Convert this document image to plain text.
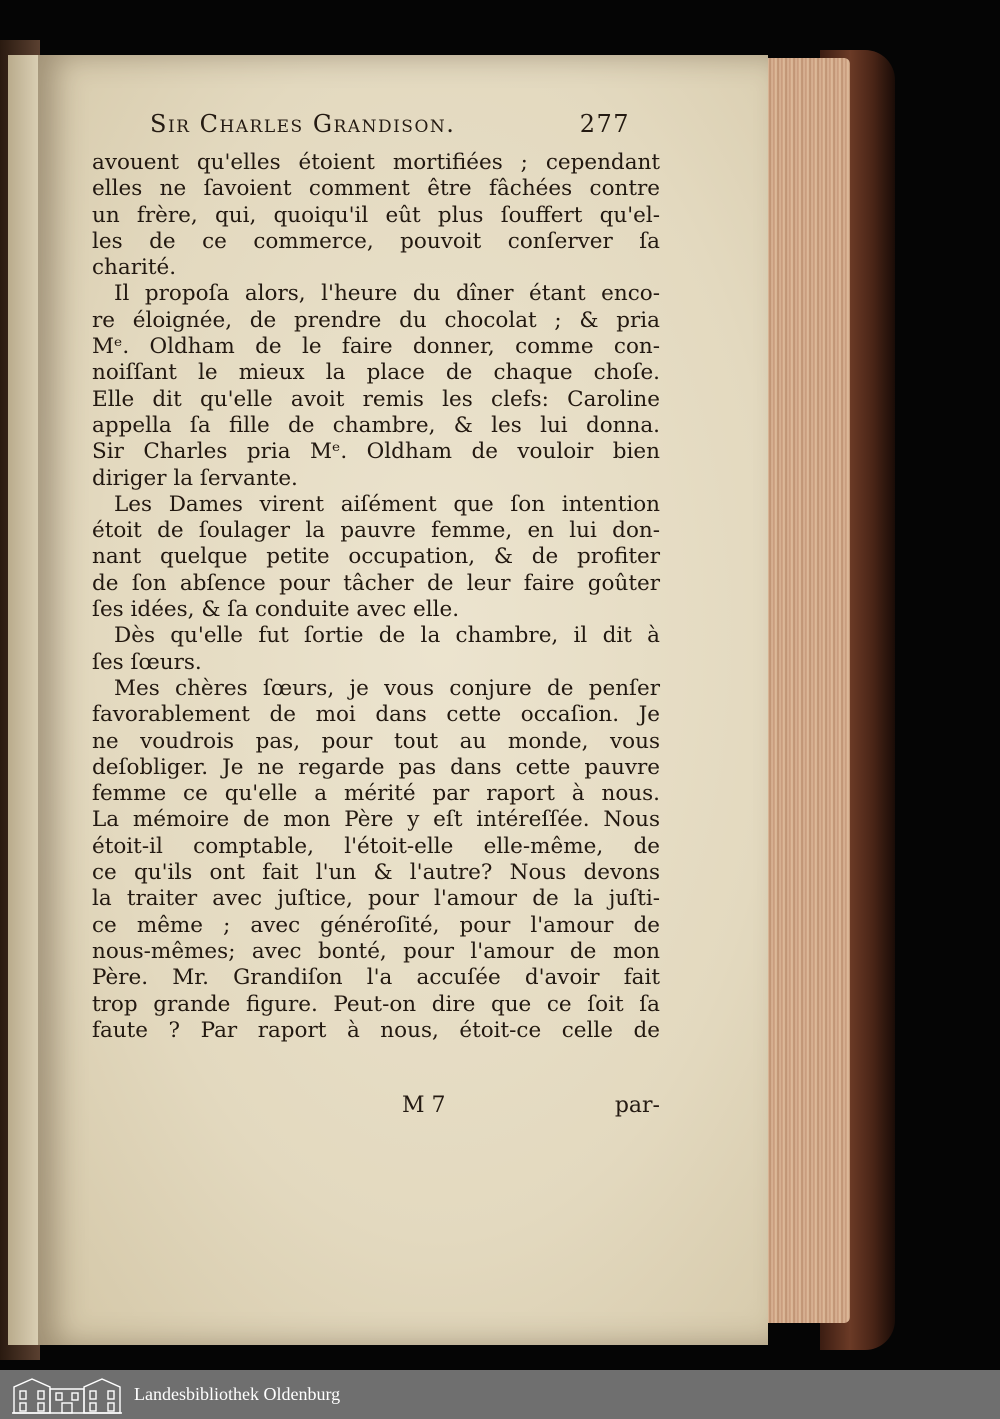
Sir Charles Grandison.	277
avouent qu'elles étoient mortifiées ; cependant
elles ne ſavoient comment être fâchées contre
un frère, qui, quoiqu'il eût plus ſouffert qu'el-
les de ce commerce, pouvoit conſerver ſa
charité.
Il propoſa alors, l'heure du dîner étant enco-
re éloignée, de prendre du chocolat ; & pria
Mᵉ. Oldham de le faire donner, comme con-
noiſſant le mieux la place de chaque choſe.
Elle dit qu'elle avoit remis les clefs: Caroline
appella ſa fille de chambre, & les lui donna.
Sir Charles pria Mᵉ. Oldham de vouloir bien
diriger la ſervante.
Les Dames virent aiſément que ſon intention
étoit de ſoulager la pauvre femme, en lui don-
nant quelque petite occupation, & de profiter
de ſon abſence pour tâcher de leur faire goûter
ſes idées, & ſa conduite avec elle.
Dès qu'elle fut ſortie de la chambre, il dit à
ſes ſœurs.
Mes chères ſœurs, je vous conjure de penſer
favorablement de moi dans cette occaſion. Je
ne voudrois pas, pour tout au monde, vous
deſobliger. Je ne regarde pas dans cette pauvre
femme ce qu'elle a mérité par raport à nous.
La mémoire de mon Père y eſt intéreſſée. Nous
étoit-il comptable, l'étoit-elle elle-même, de
ce qu'ils ont fait l'un & l'autre? Nous devons
la traiter avec juſtice, pour l'amour de la juſti-
ce même ; avec généroſité, pour l'amour de
nous-mêmes; avec bonté, pour l'amour de mon
Père. Mr. Grandiſon l'a accuſée d'avoir fait
trop grande figure. Peut-on dire que ce ſoit ſa
faute ? Par raport à nous, étoit-ce celle de
M 7	par-
Landesbibliothek Oldenburg
